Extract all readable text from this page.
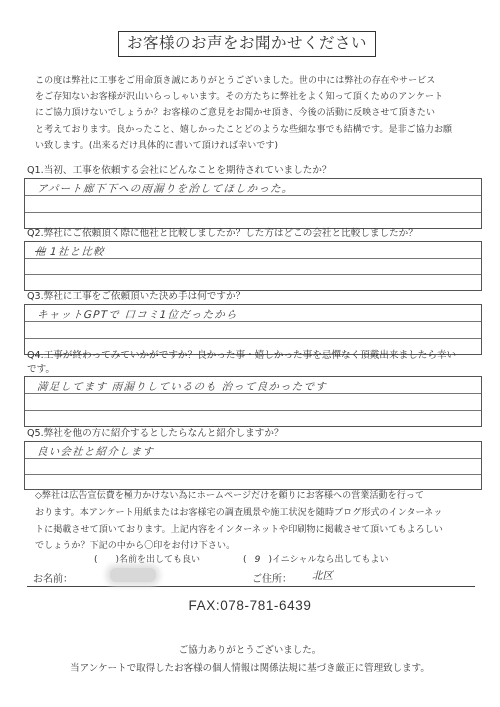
お客様のお声をお聞かせください
この度は弊社に工事をご用命頂き誠にありがとうございました。世の中には弊社の存在やサービス
をご存知ないお客様が沢山いらっしゃいます。その方たちに弊社をよく知って頂くためのアンケート
にご協力頂けないでしょうか？お客様のご意見をお聞かせ頂き、今後の活動に反映させて頂きたい
と考えております。良かったこと、嬉しかったことどのような些細な事でも結構です。是非ご協力お願
い致します。(出来るだけ具体的に書いて頂ければ幸いです)
Q1.当初、工事を依頼する会社にどんなことを期待されていましたか？
アパート廊下下への雨漏りを治してほしかった。
Q2.弊社にご依頼頂く際に他社と比較しましたか？した方はどこの会社と比較しましたか？
他 1社と比較
Q3.弊社に工事をご依頼頂いた決め手は何ですか？
キャットGPTで 口コミ1位だったから
Q4.工事が終わってみていかがですか？良かった事・嬉しかった事を忌憚なく頂戴出来ましたら幸い
です。
満足してます 雨漏りしているのも 治って良かったです
Q5.弊社を他の方に紹介するとしたらなんと紹介しますか？
良い会社と紹介します
◇弊社は広告宣伝費を極力かけない為にホームページだけを頼りにお客様への営業活動を行って
おります。本アンケート用紙またはお客様宅の調査風景や施工状況を随時ブログ形式のインターネッ
トに掲載させて頂いております。上記内容をインターネットや印刷物に掲載させて頂いてもよろしい
でしょうか？下記の中から〇印をお付け下さい。
(　　)名前を出しても良い	( 9 )イニシャルなら出してもよい
お名前：	ご住所： 北区
FAX:078-781-6439
ご協力ありがとうございました。
当アンケートで取得したお客様の個人情報は関係法規に基づき厳正に管理致します。
